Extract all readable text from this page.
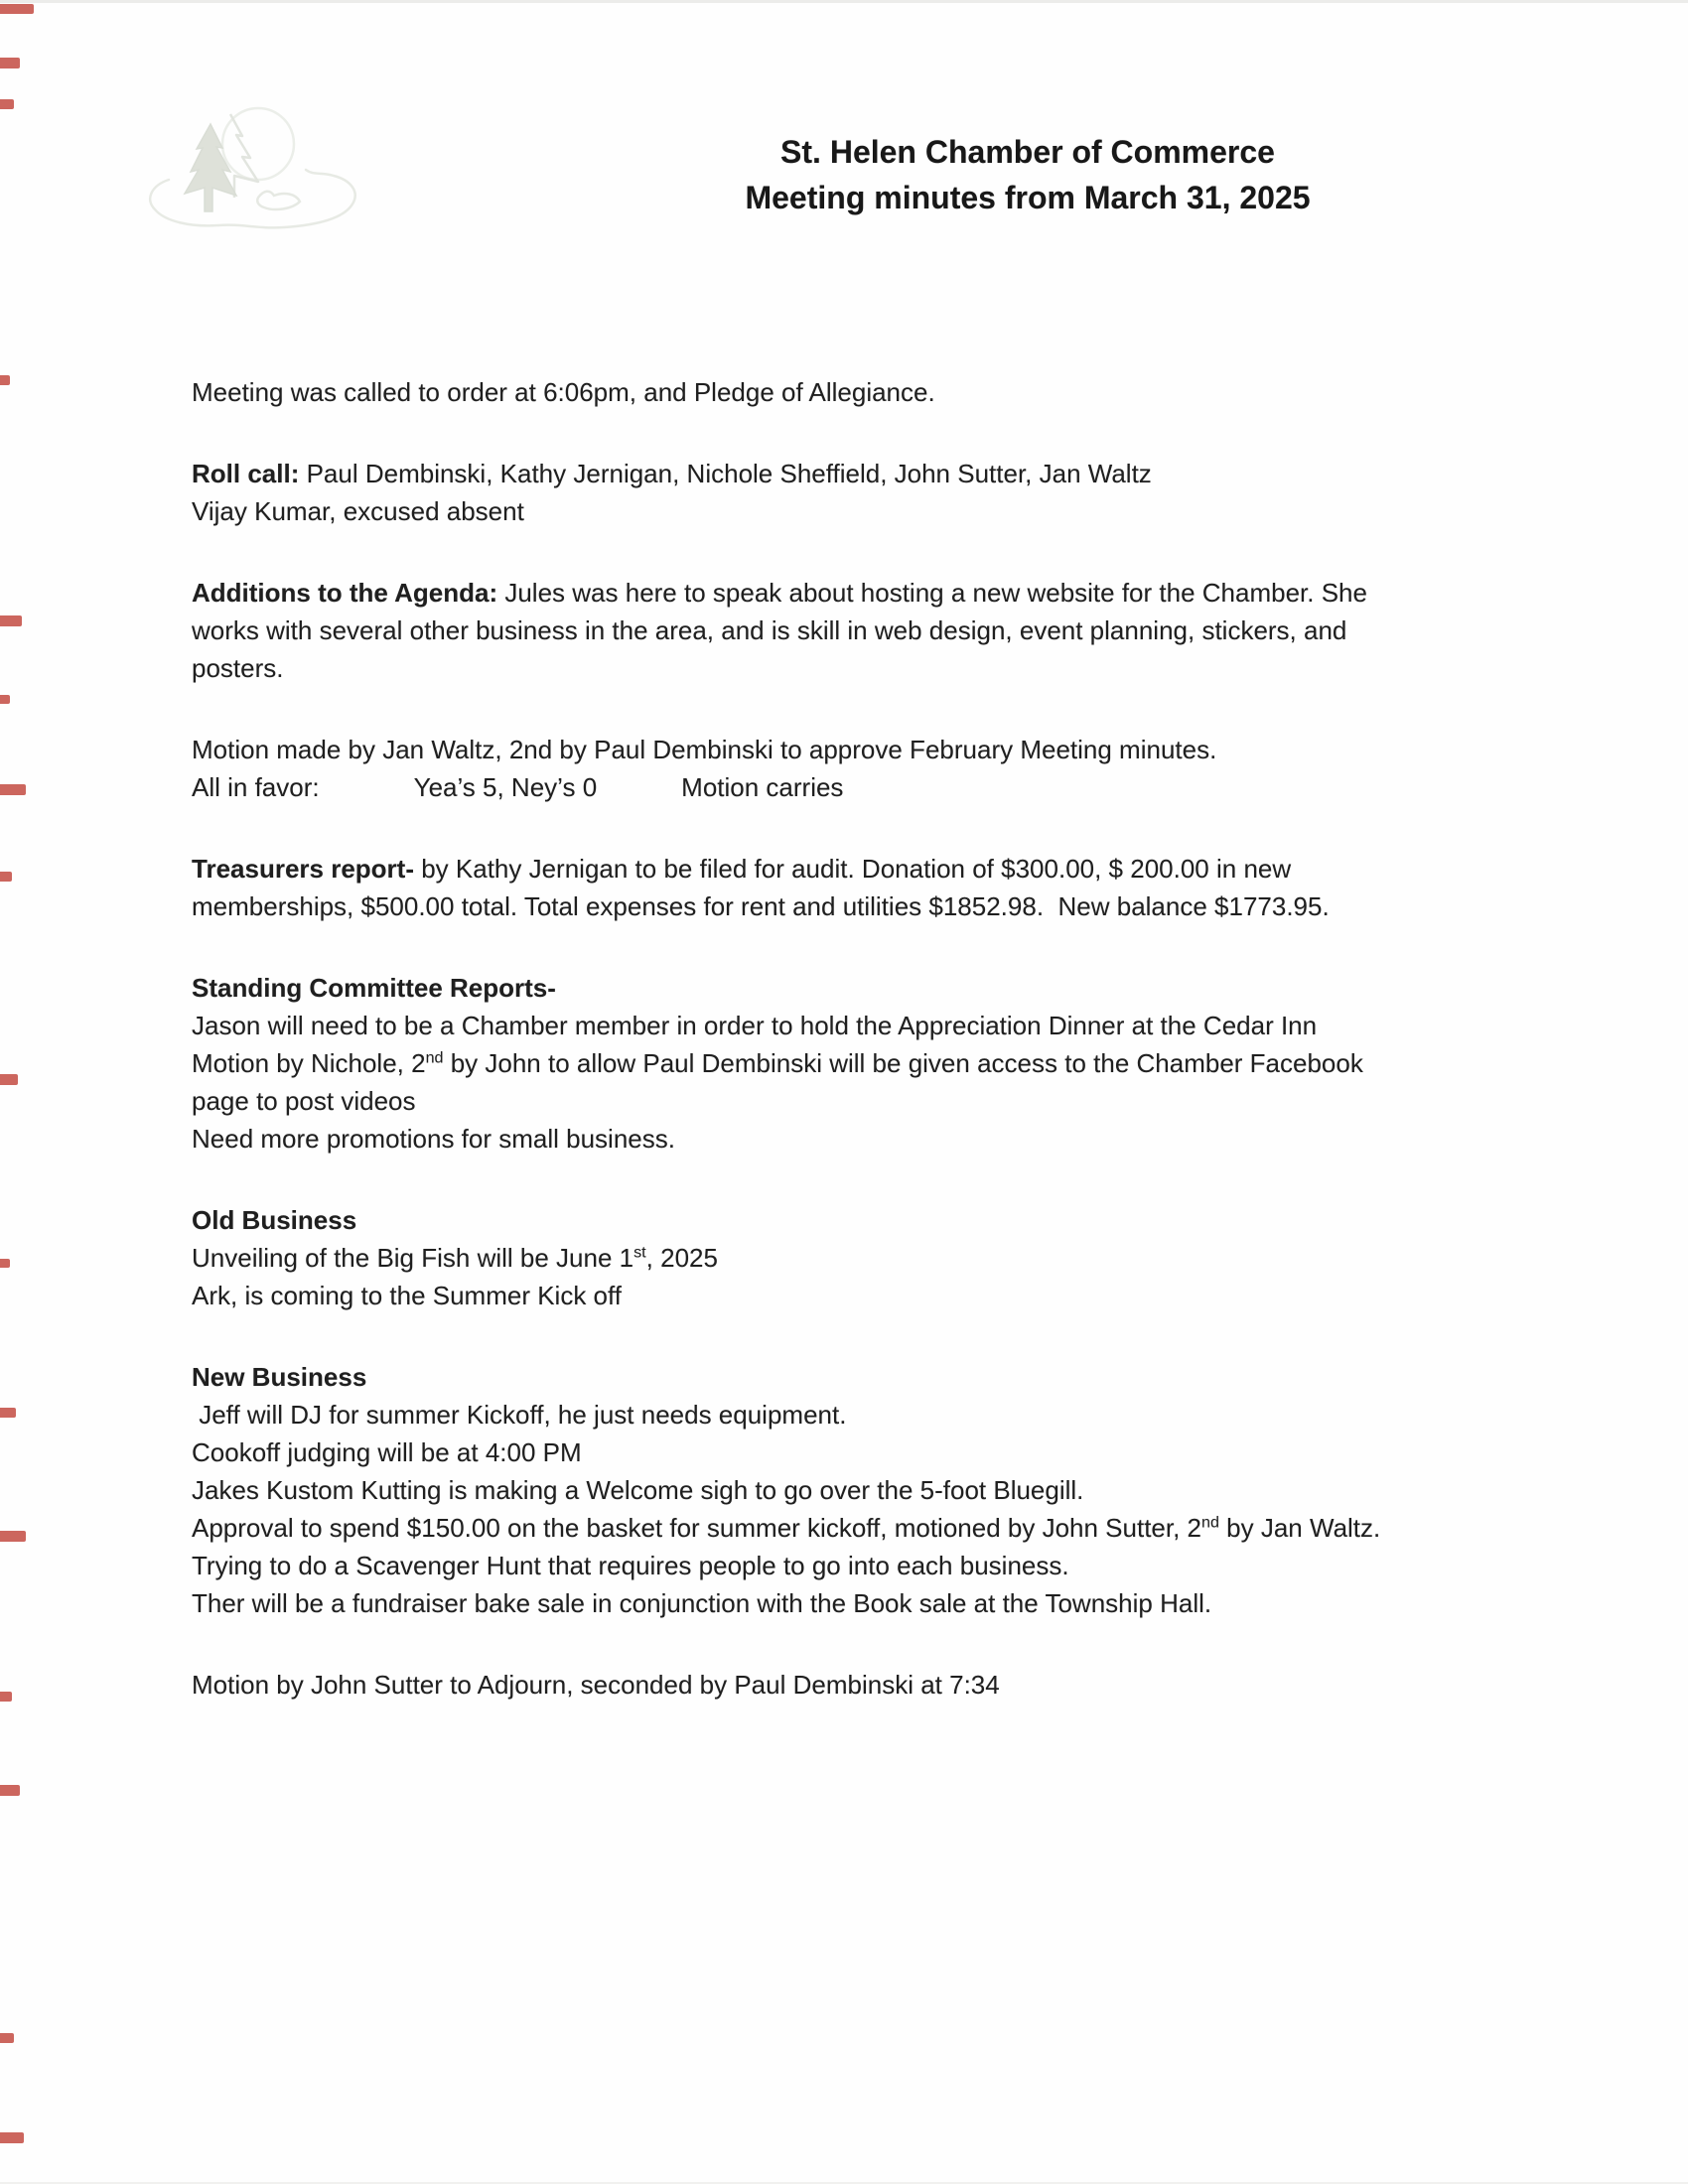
St. Helen Chamber of Commerce
Meeting minutes from March 31, 2025
Meeting was called to order at 6:06pm, and Pledge of Allegiance.
Roll call: Paul Dembinski, Kathy Jernigan, Nichole Sheffield, John Sutter, Jan Waltz
Vijay Kumar, excused absent
Additions to the Agenda: Jules was here to speak about hosting a new website for the Chamber. She
works with several other business in the area, and is skill in web design, event planning, stickers, and
posters.
Motion made by Jan Waltz, 2nd by Paul Dembinski to approve February Meeting minutes.
All in favor:	Yea’s 5, Ney’s 0	Motion carries
Treasurers report- by Kathy Jernigan to be filed for audit. Donation of $300.00, $ 200.00 in new
memberships, $500.00 total. Total expenses for rent and utilities $1852.98.  New balance $1773.95.
Standing Committee Reports-
Jason will need to be a Chamber member in order to hold the Appreciation Dinner at the Cedar Inn
Motion by Nichole, 2nd by John to allow Paul Dembinski will be given access to the Chamber Facebook
page to post videos
Need more promotions for small business.
Old Business
Unveiling of the Big Fish will be June 1st, 2025
Ark, is coming to the Summer Kick off
New Business
Jeff will DJ for summer Kickoff, he just needs equipment.
Cookoff judging will be at 4:00 PM
Jakes Kustom Kutting is making a Welcome sigh to go over the 5-foot Bluegill.
Approval to spend $150.00 on the basket for summer kickoff, motioned by John Sutter, 2nd by Jan Waltz.
Trying to do a Scavenger Hunt that requires people to go into each business.
Ther will be a fundraiser bake sale in conjunction with the Book sale at the Township Hall.
Motion by John Sutter to Adjourn, seconded by Paul Dembinski at 7:34
